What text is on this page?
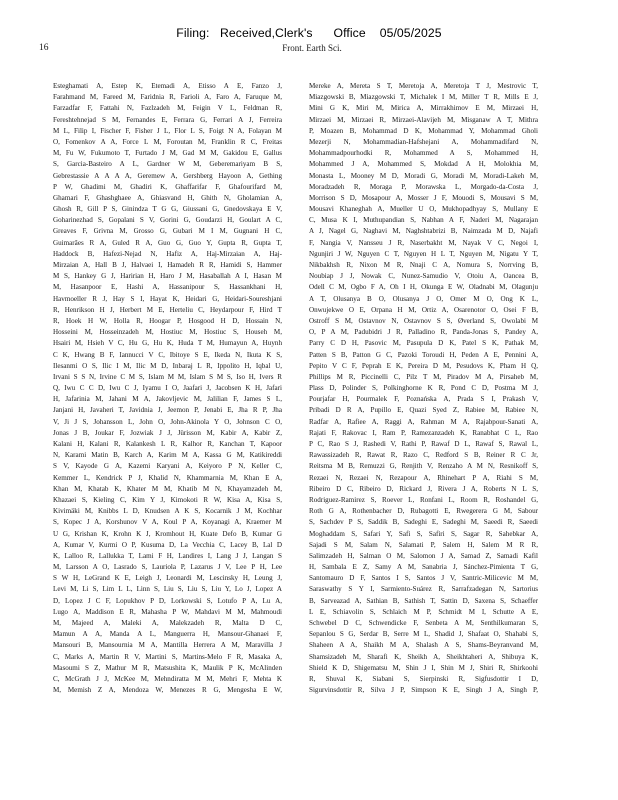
Filing:   Received,Clerk's      Office    05/05/2025
16	Front. Earth Sci.
Esteghamati A, Estep K, Etemadi A, Etisso A E, Fanzo J,
Farahmand M, Fareed M, Faridnia R, Farioli A, Faro A, Faruque M,
Farzadfar F, Fattahi N, Fazlzadeh M, Feigin V L, Feldman R,
Fereshtehnejad S M, Fernandes E, Ferrara G, Ferrari A J, Ferreira
M L, Filip I, Fischer F, Fisher J L, Flor L S, Foigt N A, Folayan M
O, Fomenkov A A, Force L M, Foroutan M, Franklin R C, Freitas
M, Fu W, Fukumoto T, Furtado J M, Gad M M, Gakidou E, Gallus
S, Garcia-Basteiro A L, Gardner W M, Geberemariyam B S,
Gebrestassie A A A A, Geremew A, Gershberg Hayoon A, Gething
P W, Ghadimi M, Ghadiri K, Ghaffarifar F, Ghafourifard M,
Ghamari F, Ghashghaee A, Ghiasvand H, Ghith N, Gholamian A,
Ghosh R, Gill P S, Ginindza T G G, Giussani G, Gnedovskaya E V,
Goharinezhad S, Gopalani S V, Gorini G, Goudarzi H, Goulart A C,
Greaves F, Grivna M, Grosso G, Gubari M I M, Gugnani H C,
Guimarães R A, Guled R A, Guo G, Guo Y, Gupta R, Gupta T,
Haddock B, Hafezi-Nejad N, Hafiz A, Haj-Mirzaian A, Haj-
Mirzaian A, Hall B J, Halvaei I, Hamadeh R R, Hamidi S, Hammer
M S, Hankey G J, Haririan H, Haro J M, Hasaballah A I, Hasan M
M, Hasanpoor E, Hashi A, Hassanipour S, Hassankhani H,
Havmoeller R J, Hay S I, Hayat K, Heidari G, Heidari-Soureshjani
R, Henrikson H J, Herbert M E, Herteliu C, Heydarpour F, Hird T
R, Hoek H W, Holla R, Hoogar P, Hosgood H D, Hossain N,
Hosseini M, Hosseinzadeh M, Hostiuc M, Hostiuc S, Househ M,
Hsairi M, Hsieh V C, Hu G, Hu K, Huda T M, Humayun A, Huynh
C K, Hwang B F, Iannucci V C, Ibitoye S E, Ikeda N, Ikuta K S,
Ilesanmi O S, Ilic I M, Ilic M D, Inbaraj L R, Ippolito H, Iqbal U,
Irvani S S N, Irvine C M S, Islam M M, Islam S M S, Iso H, Ivers R
Q, Iwu C C D, Iwu C J, Iyamu I O, Jaafari J, Jacobsen K H, Jafari
H, Jafarinia M, Jahani M A, Jakovljevic M, Jalilian F, James S L,
Janjani H, Javaheri T, Javidnia J, Jeemon P, Jenabi E, Jha R P, Jha
V, Ji J S, Johansson L, John O, John-Akinola Y O, Johnson C O,
Jonas J B, Joukar F, Jozwiak J J, Jürisson M, Kabir A, Kabir Z,
Kalani H, Kalani R, Kalankesh L R, Kalhor R, Kanchan T, Kapoor
N, Karami Matin B, Karch A, Karim M A, Kassa G M, Katikireddi
S V, Kayode G A, Kazemi Karyani A, Keiyoro P N, Keller C,
Kemmer L, Kendrick P J, Khalid N, Khammarnia M, Khan E A,
Khan M, Khatab K, Khater M M, Khatib M N, Khayamzadeh M,
Khazaei S, Kieling C, Kim Y J, Kimokoti R W, Kisa A, Kisa S,
Kivimäki M, Knibbs L D, Knudsen A K S, Kocarnik J M, Kochhar
S, Kopec J A, Korshunov V A, Koul P A, Koyanagi A, Kraemer M
U G, Krishan K, Krohn K J, Kromhout H, Kuate Defo B, Kumar G
A, Kumar V, Kurmi O P, Kusuma D, La Vecchia C, Lacey B, Lal D
K, Lalloo R, Lallukka T, Lami F H, Landires I, Lang J J, Langan S
M, Larsson A O, Lasrado S, Lauriola P, Lazarus J V, Lee P H, Lee
S W H, LeGrand K E, Leigh J, Leonardi M, Lescinsky H, Leung J,
Levi M, Li S, Lim L L, Linn S, Liu S, Liu S, Liu Y, Lo J, Lopez A
D, Lopez J C F, Lopukhov P D, Lorkowski S, Lotufo P A, Lu A,
Lugo A, Maddison E R, Mahasha P W, Mahdavi M M, Mahmoudi
M, Majeed A, Maleki A, Malekzadeh R, Malta D C,
Mamun A A, Manda A L, Manguerra H, Mansour-Ghanaei F,
Mansouri B, Mansournia M A, Mantilla Herrera A M, Maravilla J
C, Marks A, Martin R V, Martini S, Martins-Melo F R, Masaka A,
Masoumi S Z, Mathur M R, Matsushita K, Maulik P K, McAlinden
C, McGrath J J, McKee M, Mehndiratta M M, Mehri F, Mehta K
M, Memish Z A, Mendoza W, Menezes R G, Mengesha E W,
Mereke A, Mereta S T, Meretoja A, Meretoja T J, Mestrovic T,
Miazgowski B, Miazgowski T, Michalek I M, Miller T R, Mills E J,
Mini G K, Miri M, Mirica A, Mirrakhimov E M, Mirzaei H,
Mirzaei M, Mirzaei R, Mirzaei-Alavijeh M, Misganaw A T, Mithra
P, Moazen B, Mohammad D K, Mohammad Y, Mohammad Gholi
Mezerji N, Mohammadian-Hafshejani A, Mohammadifard N,
Mohammadpourhodki R, Mohammed A S, Mohammed H,
Mohammed J A, Mohammed S, Mokdad A H, Molokhia M,
Monasta L, Mooney M D, Moradi G, Moradi M, Moradi-Lakeh M,
Moradzadeh R, Moraga P, Morawska L, Morgado-da-Costa J,
Morrison S D, Mosapour A, Mosser J F, Mouodi S, Mousavi S M,
Mousavi Khaneghah A, Mueller U O, Mukhopadhyay S, Mullany E
C, Musa K I, Muthupandian S, Nabhan A F, Naderi M, Nagarajan
A J, Nagel G, Naghavi M, Naghshtabrizi B, Naimzada M D, Najafi
F, Nangia V, Nansseu J R, Naserbakht M, Nayak V C, Negoi I,
Ngunjiri J W, Nguyen C T, Nguyen H L T, Nguyen M, Nigatu Y T,
Nikbakhsh R, Nixon M R, Nnaji C A, Nomura S, Norrving B,
Noubiap J J, Nowak C, Nunez-Samudio V, Otoiu A, Oancea B,
Odell C M, Ogbo F A, Oh I H, Okunga E W, Oladnabi M, Olagunju
A T, Olusanya B O, Olusanya J O, Omer M O, Ong K L,
Onwujekwe O E, Orpana H M, Ortiz A, Osarenotor O, Osei F B,
Ostroff S M, Ostavnov N, Ostavnov S S, Øverland S, Owolabi M
O, P A M, Padubidri J R, Palladino R, Panda-Jonas S, Pandey A,
Parry C D H, Pasovic M, Pasupula D K, Patel S K, Pathak M,
Patten S B, Patton G C, Pazoki Toroudi H, Peden A E, Pennini A,
Pepito V C F, Peprah E K, Pereira D M, Pesudovs K, Pham H Q,
Phillips M R, Piccinelli C, Pilz T M, Piradov M A, Pirsaheb M,
Plass D, Polinder S, Polkinghorne K R, Pond C D, Postma M J,
Pourjafar H, Pourmalek F, Poznańska A, Prada S I, Prakash V,
Pribadi D R A, Pupillo E, Quazi Syed Z, Rabiee M, Rabiee N,
Radfar A, Rafiee A, Raggi A, Rahman M A, Rajabpour-Sanati A,
Rajati F, Rakovac I, Ram P, Ramezanzadeh K, Ranabhat C L, Rao
P C, Rao S J, Rashedi V, Rathi P, Rawaf D L, Rawaf S, Rawal L,
Rawassizadeh R, Rawat R, Razo C, Redford S B, Reiner R C Jr,
Reitsma M B, Remuzzi G, Renjith V, Renzaho A M N, Resnikoff S,
Rezaei N, Rezaei N, Rezapour A, Rhinehart P A, Riahi S M,
Ribeiro D C, Ribeiro D, Rickard J, Rivera J A, Roberts N L S,
Rodriguez-Ramirez S, Roever L, Ronfani L, Room R, Roshandel G,
Roth G A, Rothenbacher D, Rubagotti E, Rwegerera G M, Sabour
S, Sachdev P S, Saddik B, Sadeghi E, Sadeghi M, Saeedi R, Saeedi
Moghaddam S, Safari Y, Safi S, Safiri S, Sagar R, Sahebkar A,
Sajadi S M, Salam N, Salamati P, Salem H, Salem M R R,
Salimzadeh H, Salman O M, Salomon J A, Samad Z, Samadi Kafil
H, Sambala E Z, Samy A M, Sanabria J, Sánchez-Pimienta T G,
Santomauro D F, Santos I S, Santos J V, Santric-Milicevic M M,
Saraswathy S Y I, Sarmiento-Suárez R, Sarrafzadegan N, Sartorius
B, Sarveazad A, Sathian B, Sathish T, Sattin D, Saxena S, Schaeffer
L E, Schiavolin S, Schlaich M P, Schmidt M I, Schutte A E,
Schwebel D C, Schwendicke F, Senbeta A M, Senthilkumaran S,
Sepanlou S G, Serdar B, Serre M L, Shadid J, Shafaat O, Shahabi S,
Shaheen A A, Shaikh M A, Shalash A S, Shams-Beyranvand M,
Shamsizadeh M, Sharafi K, Sheikh A, Sheikhtaheri A, Shibuya K,
Shield K D, Shigematsu M, Shin J I, Shin M J, Shiri R, Shirkoohi
R, Shuval K, Siabani S, Sierpinski R, Sigfusdottir I D,
Sigurvinsdottir R, Silva J P, Simpson K E, Singh J A, Singh P,
